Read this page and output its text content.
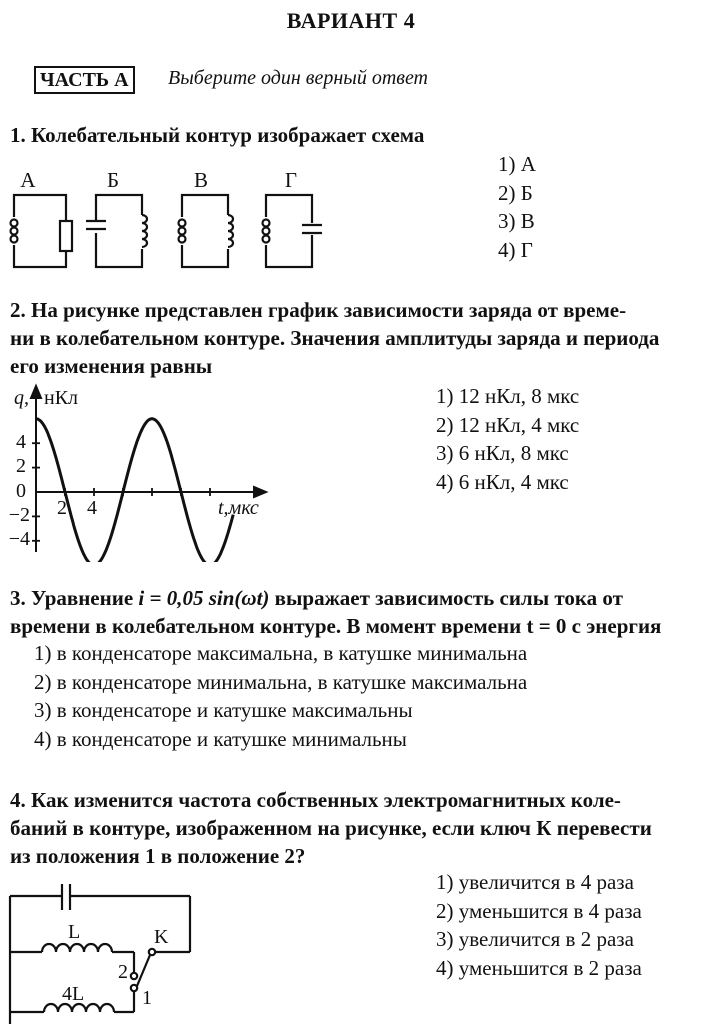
ВАРИАНТ 4
ЧАСТЬ А	Выберите один верный ответ
1. Колебательный контур изображает схема
А	Б	В	Г
1) А
2) Б
3) В
4) Г
2. На рисунке представлен график зависимости заряда от време-
ни в колебательном контуре. Значения амплитуды заряда и периода
его изменения равны
q, нКл
t,мкс
4
2
0
−2
−4
2 4
1) 12 нКл, 8 мкс
2) 12 нКл, 4 мкс
3) 6 нКл, 8 мкс
4) 6 нКл, 4 мкс
3. Уравнение i = 0,05 sin(ωt) выражает зависимость силы тока от
времени в колебательном контуре. В момент времени t = 0 с энергия
1) в конденсаторе максимальна, в катушке минимальна
2) в конденсаторе минимальна, в катушке максимальна
3) в конденсаторе и катушке максимальны
4) в конденсаторе и катушке минимальны
4. Как изменится частота собственных электромагнитных коле-
баний в контуре, изображенном на рисунке, если ключ К перевести
из положения 1 в положение 2?
L
4L
K
2
1
1) увеличится в 4 раза
2) уменьшится в 4 раза
3) увеличится в 2 раза
4) уменьшится в 2 раза
